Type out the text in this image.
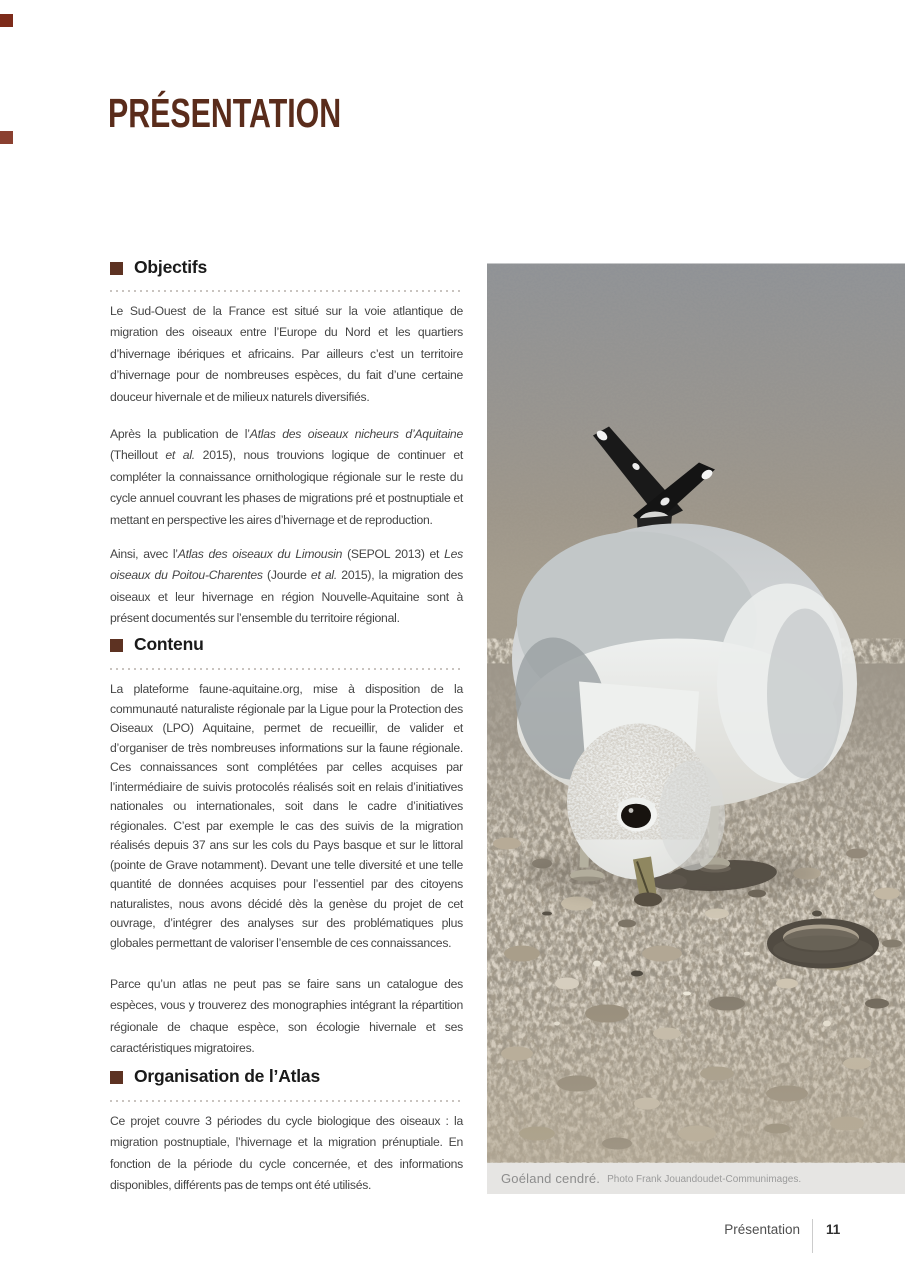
PRÉSENTATION
Objectifs

Le Sud-Ouest de la France est situé sur la voie atlantique de migration des oiseaux entre l’Europe du Nord et les quartiers d’hivernage ibériques et africains. Par ailleurs c’est un territoire d’hivernage pour de nombreuses espèces, du fait d’une certaine douceur hivernale et de milieux naturels diversifiés.

Après la publication de l’Atlas des oiseaux nicheurs d’Aquitaine (Theillout et al. 2015), nous trouvions logique de continuer et compléter la connaissance ornithologique régionale sur le reste du cycle annuel couvrant les phases de migrations pré et postnuptiale et mettant en perspective les aires d’hivernage et de reproduction.

Ainsi, avec l’Atlas des oiseaux du Limousin (SEPOL 2013) et Les oiseaux du Poitou-Charentes (Jourde et al. 2015), la migration des oiseaux et leur hivernage en région Nouvelle-Aquitaine sont à présent documentés sur l’ensemble du territoire régional.

Contenu

La plateforme faune-aquitaine.org, mise à disposition de la communauté naturaliste régionale par la Ligue pour la Protection des Oiseaux (LPO) Aquitaine, permet de recueillir, de valider et d’organiser de très nombreuses informations sur la faune régionale. Ces connaissances sont complétées par celles acquises par l’intermédiaire de suivis protocolés réalisés soit en relais d’initiatives nationales ou internationales, soit dans le cadre d’initiatives régionales. C’est par exemple le cas des suivis de la migration réalisés depuis 37 ans sur les cols du Pays basque et sur le littoral (pointe de Grave notamment). Devant une telle diversité et une telle quantité de données acquises pour l’essentiel par des citoyens naturalistes, nous avons décidé dès la genèse du projet de cet ouvrage, d’intégrer des analyses sur des problématiques plus globales permettant de valoriser l’ensemble de ces connaissances.

Parce qu’un atlas ne peut pas se faire sans un catalogue des espèces, vous y trouverez des monographies intégrant la répartition régionale de chaque espèce, son écologie hivernale et ses caractéristiques migratoires.

Organisation de l’Atlas

Ce projet couvre 3 périodes du cycle biologique des oiseaux : la migration postnuptiale, l’hivernage et la migration prénuptiale. En fonction de la période du cycle concernée, et des informations disponibles, différents pas de temps ont été utilisés.	Goéland cendré. Photo Frank Jouandoudet-Communimages.
Présentation 11
